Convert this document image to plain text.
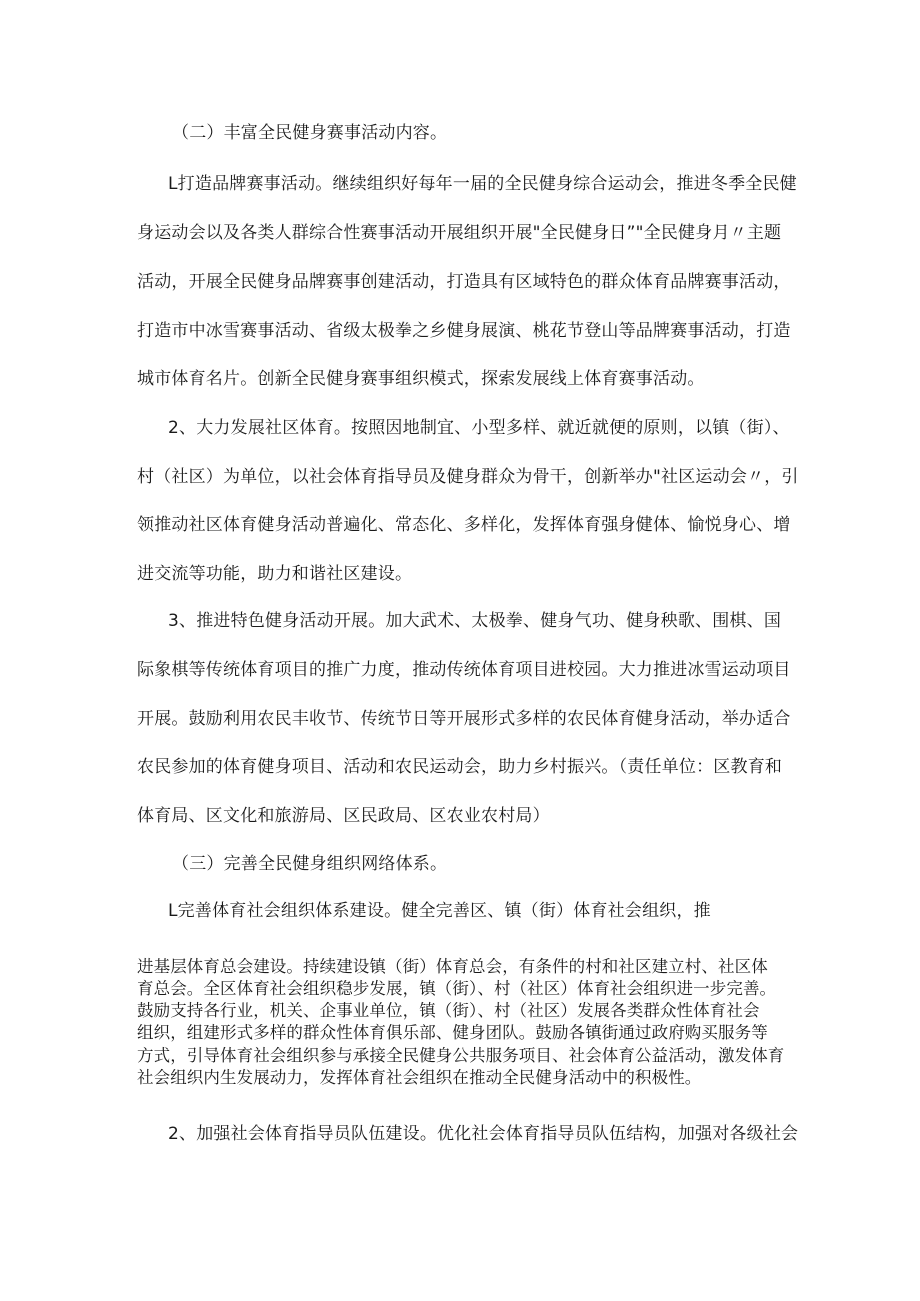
（二）丰富全民健身赛事活动内容。
L打造品牌赛事活动。继续组织好每年一届的全民健身综合运动会，推进冬季全民健
身运动会以及各类人群综合性赛事活动开展组织开展"全民健身日”"全民健身月〃主题
活动，开展全民健身品牌赛事创建活动，打造具有区域特色的群众体育品牌赛事活动，
打造市中冰雪赛事活动、省级太极拳之乡健身展演、桃花节登山等品牌赛事活动，打造
城市体育名片。创新全民健身赛事组织模式，探索发展线上体育赛事活动。
2、大力发展社区体育。按照因地制宜、小型多样、就近就便的原则，以镇（街）、
村（社区）为单位，以社会体育指导员及健身群众为骨干，创新举办"社区运动会〃，引
领推动社区体育健身活动普遍化、常态化、多样化，发挥体育强身健体、愉悦身心、增
进交流等功能，助力和谐社区建设。
3、推进特色健身活动开展。加大武术、太极拳、健身气功、健身秧歌、围棋、国
际象棋等传统体育项目的推广力度，推动传统体育项目进校园。大力推进冰雪运动项目
开展。鼓励利用农民丰收节、传统节日等开展形式多样的农民体育健身活动，举办适合
农民参加的体育健身项目、活动和农民运动会，助力乡村振兴。（责任单位：区教育和
体育局、区文化和旅游局、区民政局、区农业农村局）
（三）完善全民健身组织网络体系。
L完善体育社会组织体系建设。健全完善区、镇（街）体育社会组织，推
进基层体育总会建设。持续建设镇（街）体育总会，有条件的村和社区建立村、社区体
育总会。全区体育社会组织稳步发展，镇（街）、村（社区）体育社会组织进一步完善。
鼓励支持各行业，机关、企事业单位，镇（街）、村（社区）发展各类群众性体育社会
组织，组建形式多样的群众性体育俱乐部、健身团队。鼓励各镇街通过政府购买服务等
方式，引导体育社会组织参与承接全民健身公共服务项目、社会体育公益活动，激发体育
社会组织内生发展动力，发挥体育社会组织在推动全民健身活动中的积极性。
2、加强社会体育指导员队伍建设。优化社会体育指导员队伍结构，加强对各级社会
